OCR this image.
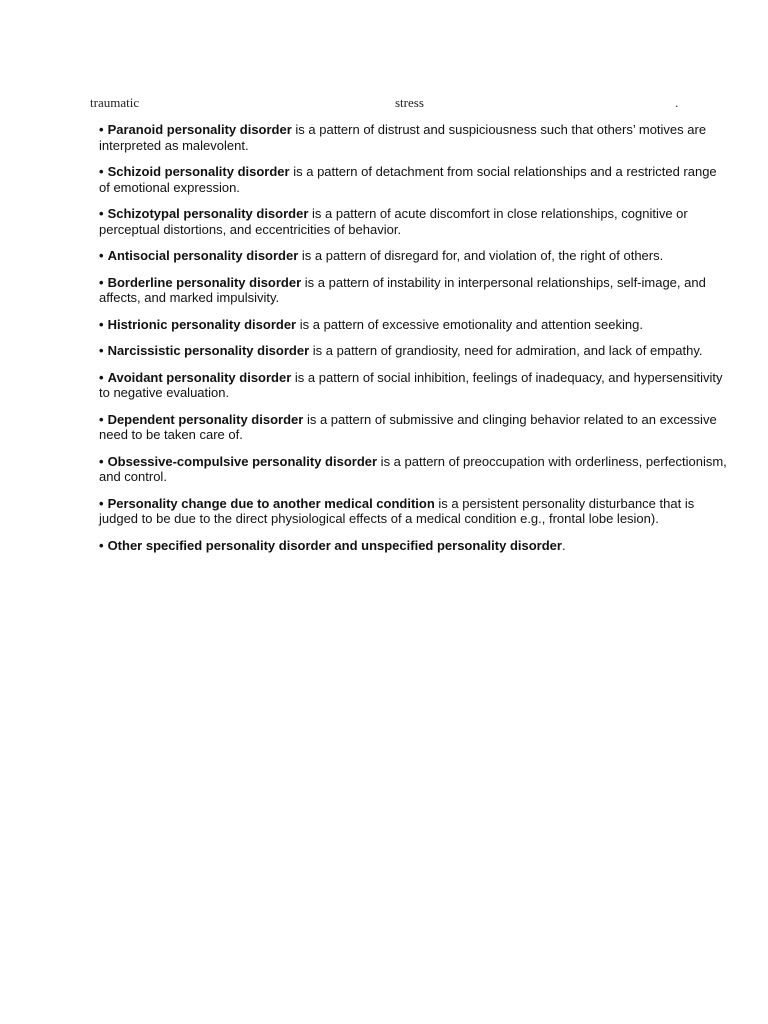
traumatic	stress	.
• Paranoid personality disorder is a pattern of distrust and suspiciousness such that others’ motives are interpreted as malevolent.
• Schizoid personality disorder is a pattern of detachment from social relationships and a restricted range of emotional expression.
• Schizotypal personality disorder is a pattern of acute discomfort in close relationships, cognitive or perceptual distortions, and eccentricities of behavior.
• Antisocial personality disorder is a pattern of disregard for, and violation of, the right of others.
• Borderline personality disorder is a pattern of instability in interpersonal relationships, self-image, and affects, and marked impulsivity.
• Histrionic personality disorder is a pattern of excessive emotionality and attention seeking.
• Narcissistic personality disorder is a pattern of grandiosity, need for admiration, and lack of empathy.
• Avoidant personality disorder is a pattern of social inhibition, feelings of inadequacy, and hypersensitivity to negative evaluation.
• Dependent personality disorder is a pattern of submissive and clinging behavior related to an excessive need to be taken care of.
• Obsessive-compulsive personality disorder is a pattern of preoccupation with orderliness, perfectionism, and control.
• Personality change due to another medical condition is a persistent personality disturbance that is judged to be due to the direct physiological effects of a medical condition e.g., frontal lobe lesion).
• Other specified personality disorder and unspecified personality disorder.
